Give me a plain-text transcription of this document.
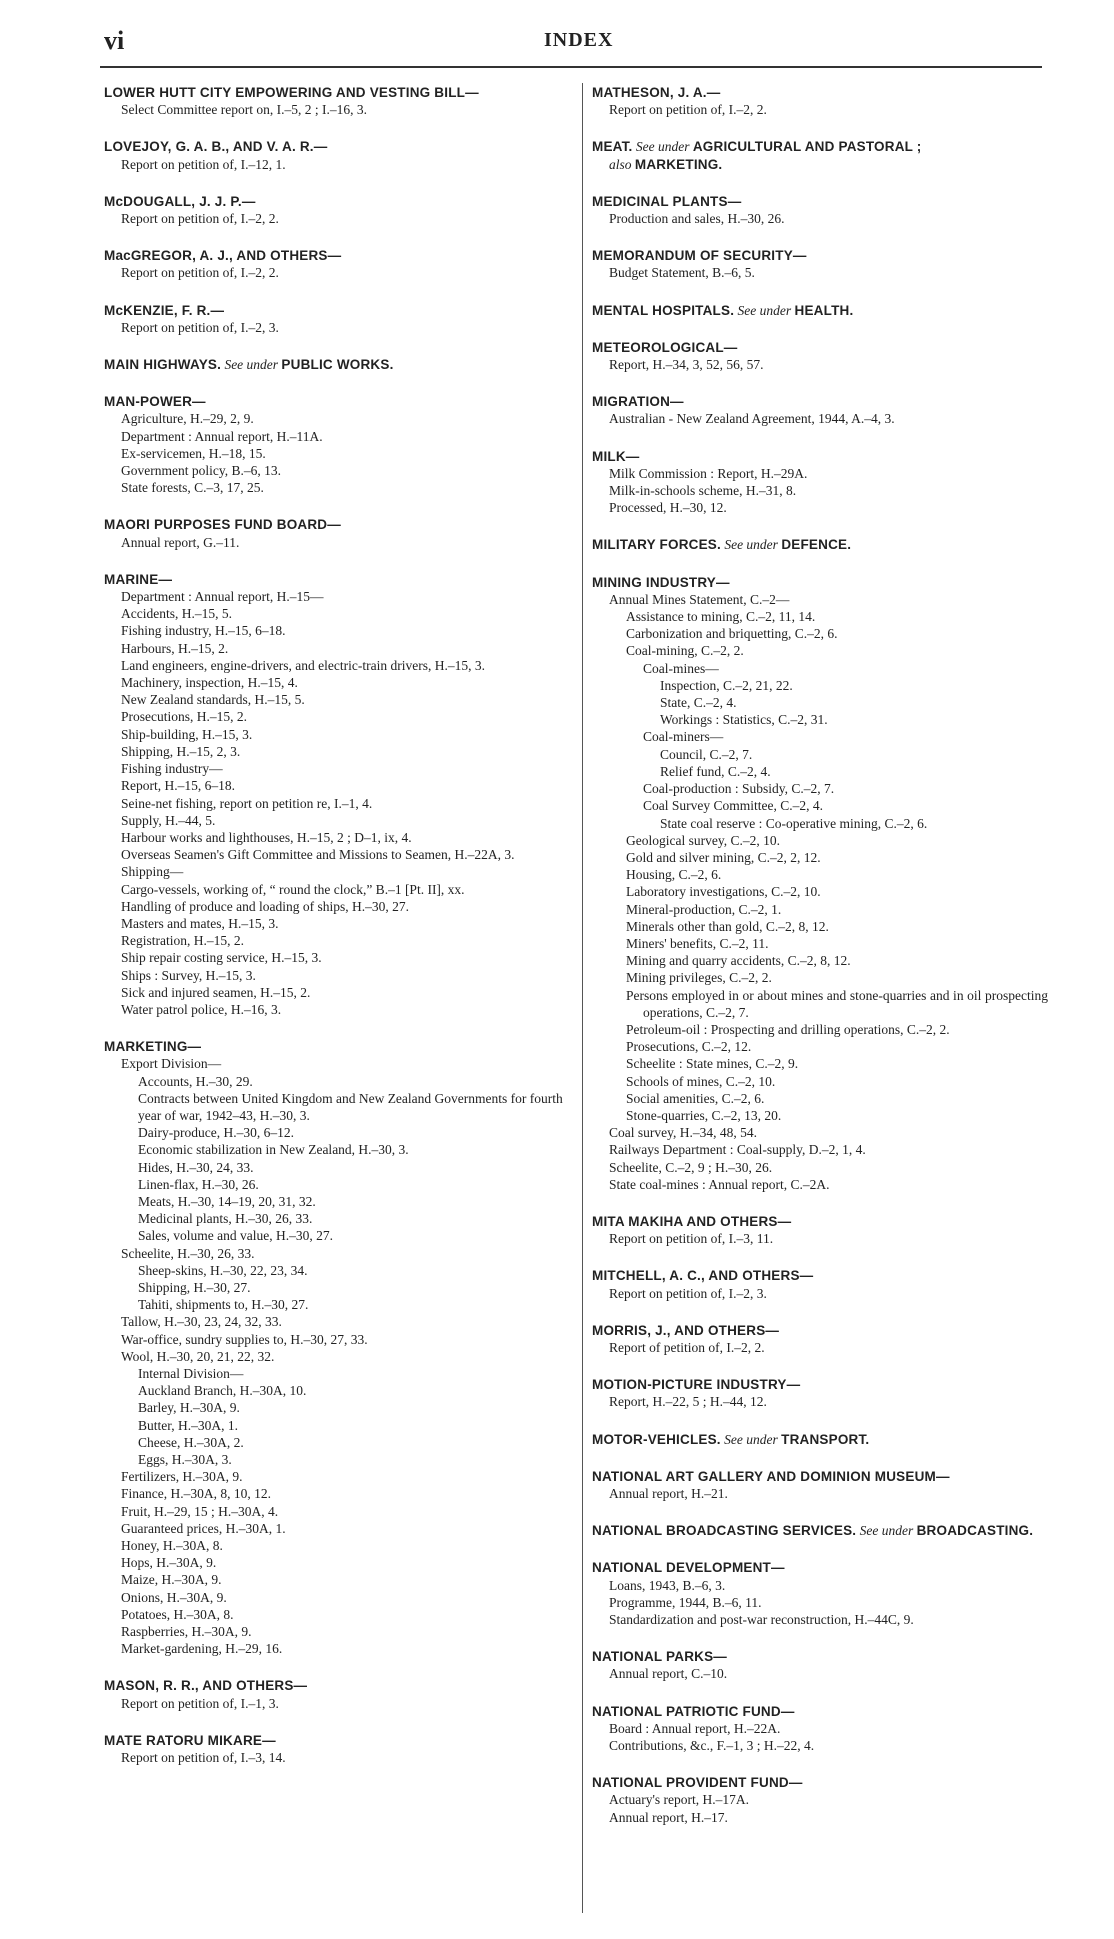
vi	INDEX
LOWER HUTT CITY EMPOWERING AND VESTING BILL—
Select Committee report on, I.–5, 2 ; I.–16, 3.
LOVEJOY, G. A. B., AND V. A. R.—
Report on petition of, I.–12, 1.
McDOUGALL, J. J. P.—
Report on petition of, I.–2, 2.
MacGREGOR, A. J., AND OTHERS—
Report on petition of, I.–2, 2.
McKENZIE, F. R.—
Report on petition of, I.–2, 3.
MAIN HIGHWAYS. See under PUBLIC WORKS.
MAN-POWER—
Agriculture, H.–29, 2, 9.
Department : Annual report, H.–11A.
Ex-servicemen, H.–18, 15.
Government policy, B.–6, 13.
State forests, C.–3, 17, 25.
MAORI PURPOSES FUND BOARD—
Annual report, G.–11.
MARINE—
Department : Annual report, H.–15—
Accidents, H.–15, 5.
Fishing industry, H.–15, 6–18.
Harbours, H.–15, 2.
Land engineers, engine-drivers, and electric-train drivers, H.–15, 3.
Machinery, inspection, H.–15, 4.
New Zealand standards, H.–15, 5.
Prosecutions, H.–15, 2.
Ship-building, H.–15, 3.
Shipping, H.–15, 2, 3.
Fishing industry—
Report, H.–15, 6–18.
Seine-net fishing, report on petition re, I.–1, 4.
Supply, H.–44, 5.
Harbour works and lighthouses, H.–15, 2 ; D–1, ix, 4.
Overseas Seamen's Gift Committee and Missions to Seamen, H.–22A, 3.
Shipping—
Cargo-vessels, working of, “ round the clock,” B.–1 [Pt. II], xx.
Handling of produce and loading of ships, H.–30, 27.
Masters and mates, H.–15, 3.
Registration, H.–15, 2.
Ship repair costing service, H.–15, 3.
Ships : Survey, H.–15, 3.
Sick and injured seamen, H.–15, 2.
Water patrol police, H.–16, 3.
MARKETING—
Export Division—
Accounts, H.–30, 29.
Contracts between United Kingdom and New Zealand Governments for fourth year of war, 1942–43, H.–30, 3.
Dairy-produce, H.–30, 6–12.
Economic stabilization in New Zealand, H.–30, 3.
Hides, H.–30, 24, 33.
Linen-flax, H.–30, 26.
Meats, H.–30, 14–19, 20, 31, 32.
Medicinal plants, H.–30, 26, 33.
Sales, volume and value, H.–30, 27.
Scheelite, H.–30, 26, 33.
Sheep-skins, H.–30, 22, 23, 34.
Shipping, H.–30, 27.
Tahiti, shipments to, H.–30, 27.
Tallow, H.–30, 23, 24, 32, 33.
War-office, sundry supplies to, H.–30, 27, 33.
Wool, H.–30, 20, 21, 22, 32.
Internal Division—
Auckland Branch, H.–30A, 10.
Barley, H.–30A, 9.
Butter, H.–30A, 1.
Cheese, H.–30A, 2.
Eggs, H.–30A, 3.
Fertilizers, H.–30A, 9.
Finance, H.–30A, 8, 10, 12.
Fruit, H.–29, 15 ; H.–30A, 4.
Guaranteed prices, H.–30A, 1.
Honey, H.–30A, 8.
Hops, H.–30A, 9.
Maize, H.–30A, 9.
Onions, H.–30A, 9.
Potatoes, H.–30A, 8.
Raspberries, H.–30A, 9.
Market-gardening, H.–29, 16.
MASON, R. R., AND OTHERS—
Report on petition of, I.–1, 3.
MATE RATORU MIKARE—
Report on petition of, I.–3, 14.
MATHESON, J. A.—
Report on petition of, I.–2, 2.
MEAT. See under AGRICULTURAL AND PASTORAL ;
also MARKETING.
MEDICINAL PLANTS—
Production and sales, H.–30, 26.
MEMORANDUM OF SECURITY—
Budget Statement, B.–6, 5.
MENTAL HOSPITALS. See under HEALTH.
METEOROLOGICAL—
Report, H.–34, 3, 52, 56, 57.
MIGRATION—
Australian - New Zealand Agreement, 1944, A.–4, 3.
MILK—
Milk Commission : Report, H.–29A.
Milk-in-schools scheme, H.–31, 8.
Processed, H.–30, 12.
MILITARY FORCES. See under DEFENCE.
MINING INDUSTRY—
Annual Mines Statement, C.–2—
Assistance to mining, C.–2, 11, 14.
Carbonization and briquetting, C.–2, 6.
Coal-mining, C.–2, 2.
Coal-mines—
Inspection, C.–2, 21, 22.
State, C.–2, 4.
Workings : Statistics, C.–2, 31.
Coal-miners—
Council, C.–2, 7.
Relief fund, C.–2, 4.
Coal-production : Subsidy, C.–2, 7.
Coal Survey Committee, C.–2, 4.
State coal reserve : Co-operative mining, C.–2, 6.
Geological survey, C.–2, 10.
Gold and silver mining, C.–2, 2, 12.
Housing, C.–2, 6.
Laboratory investigations, C.–2, 10.
Mineral-production, C.–2, 1.
Minerals other than gold, C.–2, 8, 12.
Miners' benefits, C.–2, 11.
Mining and quarry accidents, C.–2, 8, 12.
Mining privileges, C.–2, 2.
Persons employed in or about mines and stone-quarries and in oil prospecting operations, C.–2, 7.
Petroleum-oil : Prospecting and drilling operations, C.–2, 2.
Prosecutions, C.–2, 12.
Scheelite : State mines, C.–2, 9.
Schools of mines, C.–2, 10.
Social amenities, C.–2, 6.
Stone-quarries, C.–2, 13, 20.
Coal survey, H.–34, 48, 54.
Railways Department : Coal-supply, D.–2, 1, 4.
Scheelite, C.–2, 9 ; H.–30, 26.
State coal-mines : Annual report, C.–2A.
MITA MAKIHA AND OTHERS—
Report on petition of, I.–3, 11.
MITCHELL, A. C., AND OTHERS—
Report on petition of, I.–2, 3.
MORRIS, J., AND OTHERS—
Report of petition of, I.–2, 2.
MOTION-PICTURE INDUSTRY—
Report, H.–22, 5 ; H.–44, 12.
MOTOR-VEHICLES. See under TRANSPORT.
NATIONAL ART GALLERY AND DOMINION MUSEUM—
Annual report, H.–21.
NATIONAL BROADCASTING SERVICES. See under BROADCASTING.
NATIONAL DEVELOPMENT—
Loans, 1943, B.–6, 3.
Programme, 1944, B.–6, 11.
Standardization and post-war reconstruction, H.–44C, 9.
NATIONAL PARKS—
Annual report, C.–10.
NATIONAL PATRIOTIC FUND—
Board : Annual report, H.–22A.
Contributions, &c., F.–1, 3 ; H.–22, 4.
NATIONAL PROVIDENT FUND—
Actuary's report, H.–17A.
Annual report, H.–17.
